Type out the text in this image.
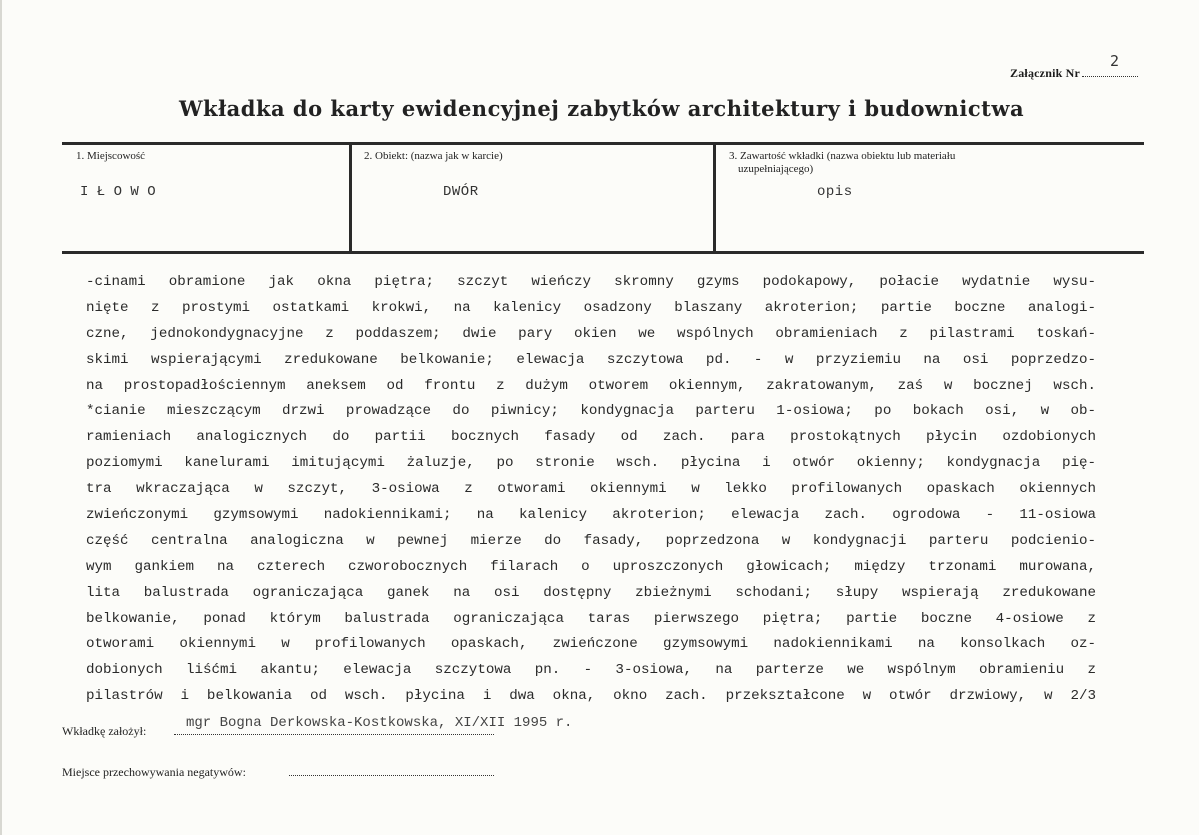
2
Załącznik Nr
Wkładka do karty ewidencyjnej zabytków architektury i budownictwa
1. Miejscowość
I Ł O W O
2. Obiekt: (nazwa jak w karcie)
DWÓR
3. Zawartość wkładki (nazwa obiektu lub materiału
uzupełniającego)
opis
-cinami obramione jak okna piętra; szczyt wieńczy skromny gzyms podokapowy, połacie wydatnie wysu-
nięte z prostymi ostatkami krokwi, na kalenicy osadzony blaszany akroterion; partie boczne analogi-
czne, jednokondygnacyjne z poddaszem; dwie pary okien we wspólnych obramieniach z pilastrami toskań-
skimi wspierającymi zredukowane belkowanie; elewacja szczytowa pd. - w przyziemiu na osi poprzedzo-
na prostopadłościennym aneksem od frontu z dużym otworem okiennym, zakratowanym, zaś w bocznej wsch.
*cianie mieszczącym drzwi prowadzące do piwnicy; kondygnacja parteru 1-osiowa; po bokach osi, w ob-
ramieniach analogicznych do partii bocznych fasady od zach. para prostokątnych płycin ozdobionych
poziomymi kanelurami imitującymi żaluzje, po stronie wsch. płycina i otwór okienny; kondygnacja pię-
tra wkraczająca w szczyt, 3-osiowa z otworami okiennymi w lekko profilowanych opaskach okiennych
zwieńczonymi gzymsowymi nadokiennikami; na kalenicy akroterion; elewacja zach. ogrodowa - 11-osiowa
część centralna analogiczna w pewnej mierze do fasady, poprzedzona w kondygnacji parteru podcienio-
wym gankiem na czterech czworobocznych filarach o uproszczonych głowicach; między trzonami murowana,
lita balustrada ograniczająca ganek na osi dostępny zbieżnymi schodani; słupy wspierają zredukowane
belkowanie, ponad którym balustrada ograniczająca taras pierwszego piętra; partie boczne 4-osiowe z
otworami okiennymi w profilowanych opaskach, zwieńczone gzymsowymi nadokiennikami na konsolkach oz-
dobionych liśćmi akantu; elewacja szczytowa pn. - 3-osiowa, na parterze we wspólnym obramieniu z
pilastrów i belkowania od wsch. płycina i dwa okna, okno zach. przekształcone w otwór drzwiowy, w 2/3
Wkładkę założył:	mgr Bogna Derkowska-Kostkowska, XI/XII 1995 r.
Miejsce przechowywania negatywów:
